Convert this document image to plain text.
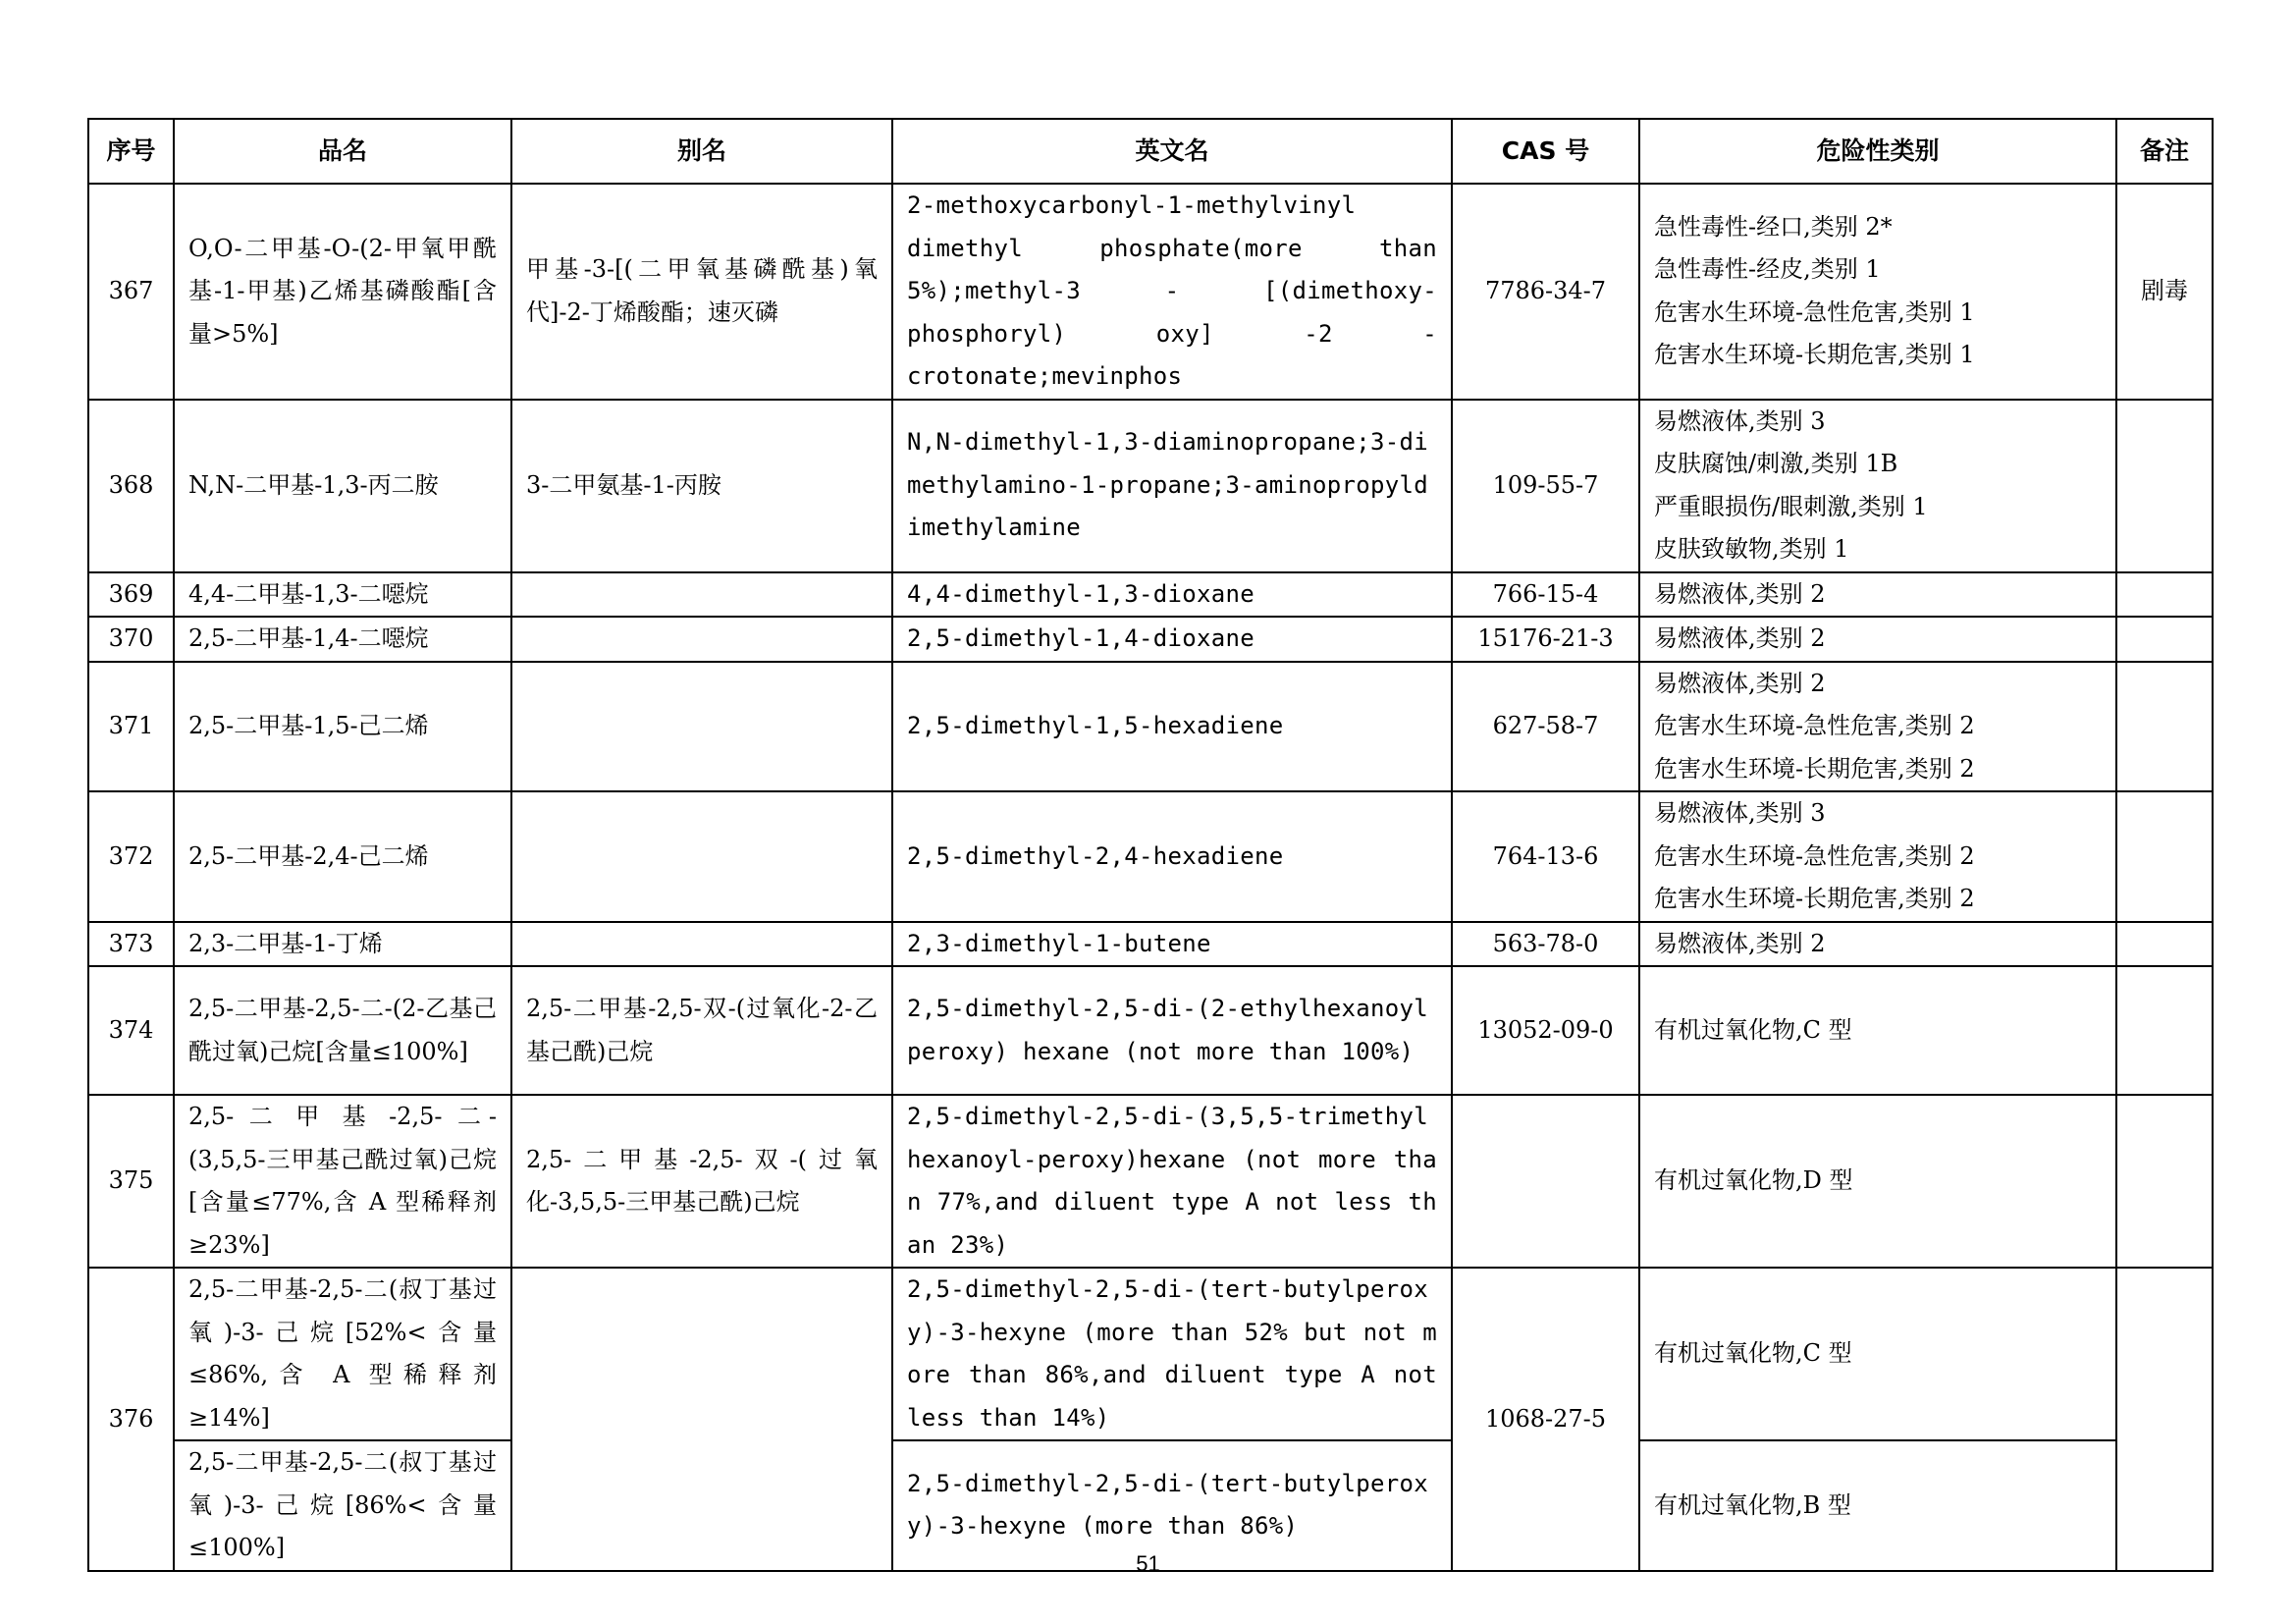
序号	品名	别名	英文名	CAS 号	危险性类别	备注
367	O,O-二甲基-O-(2-甲氧甲酰基-1-甲基)乙烯基磷酸酯[含量>5%]	甲基-3-[(二甲氧基磷酰基)氧代]-2-丁烯酸酯；速灭磷	2-methoxycarbonyl-1-methylvinyl dimethyl phosphate(more than 5%);methyl-3 - [(dimethoxy-phosphoryl) oxy] -2 - crotonate;mevinphos	7786-34-7	急性毒性-经口,类别 2*
急性毒性-经皮,类别 1
危害水生环境-急性危害,类别 1
危害水生环境-长期危害,类别 1	剧毒
368	N,N-二甲基-1,3-丙二胺	3-二甲氨基-1-丙胺	N,N-dimethyl-1,3-diaminopropane;3-dimethylamino-1-propane;3-aminopropyldimethylamine	109-55-7	易燃液体,类别 3
皮肤腐蚀/刺激,类别 1B
严重眼损伤/眼刺激,类别 1
皮肤致敏物,类别 1	

369	4,4-二甲基-1,3-二噁烷		4,4-dimethyl-1,3-dioxane	766-15-4	易燃液体,类别 2	

370	2,5-二甲基-1,4-二噁烷		2,5-dimethyl-1,4-dioxane	15176-21-3	易燃液体,类别 2	

371	2,5-二甲基-1,5-己二烯		2,5-dimethyl-1,5-hexadiene	627-58-7	易燃液体,类别 2
危害水生环境-急性危害,类别 2
危害水生环境-长期危害,类别 2	

372	2,5-二甲基-2,4-己二烯		2,5-dimethyl-2,4-hexadiene	764-13-6	易燃液体,类别 3
危害水生环境-急性危害,类别 2
危害水生环境-长期危害,类别 2	

373	2,3-二甲基-1-丁烯		2,3-dimethyl-1-butene	563-78-0	易燃液体,类别 2	

374	2,5-二甲基-2,5-二-(2-乙基己酰过氧)己烷[含量≤100%]	2,5-二甲基-2,5-双-(过氧化-2-乙基己酰)己烷	2,5-dimethyl-2,5-di-(2-ethylhexanoylperoxy) hexane (not more than 100%)	13052-09-0	有机过氧化物,C 型	

375	2,5- 二 甲 基 -2,5- 二-(3,5,5-三甲基己酰过氧)己烷[含量≤77%,含 A 型稀释剂≥23%]	2,5-二甲基-2,5-双-(过氧化-3,5,5-三甲基己酰)己烷	2,5-dimethyl-2,5-di-(3,5,5-trimethylhexanoyl-peroxy)hexane (not more than 77%,and diluent type A not less than 23%)		有机过氧化物,D 型	

376	2,5-二甲基-2,5-二(叔丁基过氧)-3-己烷[52%<含量≤86%,含 A 型稀释剂≥14%]		2,5-dimethyl-2,5-di-(tert-butylperoxy)-3-hexyne (more than 52% but not more than 86%,and diluent type A not less than 14%)	1068-27-5	有机过氧化物,C 型	

	2,5-二甲基-2,5-二(叔丁基过氧)-3-己烷[86%<含量≤100%]		2,5-dimethyl-2,5-di-(tert-butylperoxy)-3-hexyne (more than 86%)		有机过氧化物,B 型	
51
